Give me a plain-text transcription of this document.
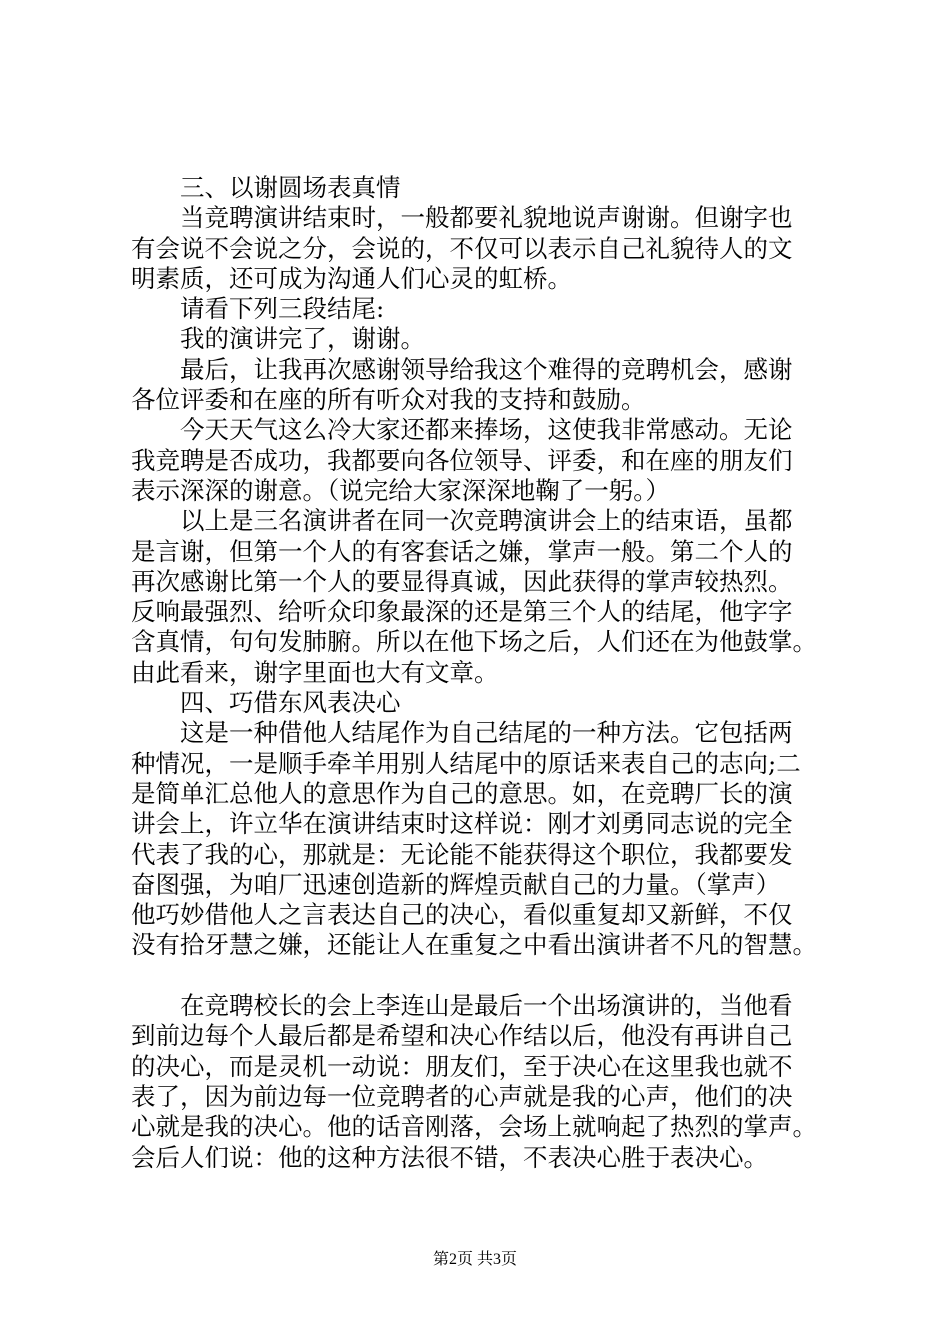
三、以谢圆场表真情
当竞聘演讲结束时，一般都要礼貌地说声谢谢。但谢字也
有会说不会说之分，会说的，不仅可以表示自己礼貌待人的文
明素质，还可成为沟通人们心灵的虹桥。
请看下列三段结尾:
我的演讲完了，谢谢。
最后，让我再次感谢领导给我这个难得的竞聘机会，感谢
各位评委和在座的所有听众对我的支持和鼓励。
今天天气这么冷大家还都来捧场，这使我非常感动。无论
我竞聘是否成功，我都要向各位领导、评委，和在座的朋友们
表示深深的谢意。（说完给大家深深地鞠了一躬。）
以上是三名演讲者在同一次竞聘演讲会上的结束语，虽都
是言谢，但第一个人的有客套话之嫌，掌声一般。第二个人的
再次感谢比第一个人的要显得真诚，因此获得的掌声较热烈。
反响最强烈、给听众印象最深的还是第三个人的结尾，他字字
含真情，句句发肺腑。所以在他下场之后，人们还在为他鼓掌。
由此看来，谢字里面也大有文章。
四、巧借东风表决心
这是一种借他人结尾作为自己结尾的一种方法。它包括两
种情况，一是顺手牵羊用别人结尾中的原话来表自己的志向;二
是简单汇总他人的意思作为自己的意思。如，在竞聘厂长的演
讲会上，许立华在演讲结束时这样说：刚才刘勇同志说的完全
代表了我的心，那就是：无论能不能获得这个职位，我都要发
奋图强，为咱厂迅速创造新的辉煌贡献自己的力量。（掌声）
他巧妙借他人之言表达自己的决心，看似重复却又新鲜，不仅
没有拾牙慧之嫌，还能让人在重复之中看出演讲者不凡的智慧。
在竞聘校长的会上李连山是最后一个出场演讲的，当他看
到前边每个人最后都是希望和决心作结以后，他没有再讲自己
的决心，而是灵机一动说：朋友们，至于决心在这里我也就不
表了，因为前边每一位竞聘者的心声就是我的心声，他们的决
心就是我的决心。他的话音刚落，会场上就响起了热烈的掌声。
会后人们说：他的这种方法很不错，不表决心胜于表决心。
第2页 共3页
